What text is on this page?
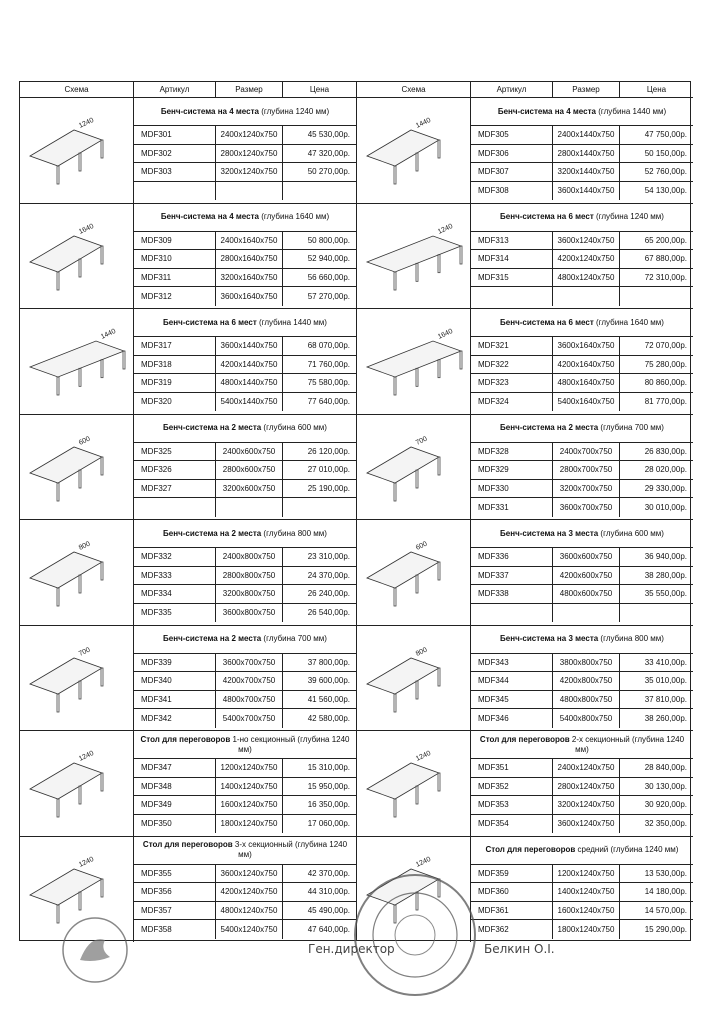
Схема	Артикул	Размер	Цена
1240
Бенч-система на 4 места (глубина 1240 мм)
MDF301	2400x1240x750	45 530,00р.
MDF302	2800x1240x750	47 320,00р.
MDF303	3200x1240x750	50 270,00р.
1640
Бенч-система на 4 места (глубина 1640 мм)
MDF309	2400x1640x750	50 800,00р.
MDF310	2800x1640x750	52 940,00р.
MDF311	3200x1640x750	56 660,00р.
MDF312	3600x1640x750	57 270,00р.
1440
Бенч-система на 6 мест (глубина 1440 мм)
MDF317	3600x1440x750	68 070,00р.
MDF318	4200x1440x750	71 760,00р.
MDF319	4800x1440x750	75 580,00р.
MDF320	5400x1440x750	77 640,00р.
600
Бенч-система на 2 места (глубина 600 мм)
MDF325	2400x600x750	26 120,00р.
MDF326	2800x600x750	27 010,00р.
MDF327	3200x600x750	25 190,00р.
800
Бенч-система на 2 места (глубина 800 мм)
MDF332	2400x800x750	23 310,00р.
MDF333	2800x800x750	24 370,00р.
MDF334	3200x800x750	26 240,00р.
MDF335	3600x800x750	26 540,00р.
700
Бенч-система на 2 места (глубина 700 мм)
MDF339	3600x700x750	37 800,00р.
MDF340	4200x700x750	39 600,00р.
MDF341	4800x700x750	41 560,00р.
MDF342	5400x700x750	42 580,00р.
1240
Стол для переговоров 1-но секционный (глубина 1240 мм)
MDF347	1200x1240x750	15 310,00р.
MDF348	1400x1240x750	15 950,00р.
MDF349	1600x1240x750	16 350,00р.
MDF350	1800x1240x750	17 060,00р.
1240
Стол для переговоров 3-х секционный (глубина 1240 мм)
MDF355	3600x1240x750	42 370,00р.
MDF356	4200x1240x750	44 310,00р.
MDF357	4800x1240x750	45 490,00р.
MDF358	5400x1240x750	47 640,00р.
Схема	Артикул	Размер	Цена
1440
Бенч-система на 4 места (глубина 1440 мм)
MDF305	2400x1440x750	47 750,00р.
MDF306	2800x1440x750	50 150,00р.
MDF307	3200x1440x750	52 760,00р.
MDF308	3600x1440x750	54 130,00р.
1240
Бенч-система на 6 мест (глубина 1240 мм)
MDF313	3600x1240x750	65 200,00р.
MDF314	4200x1240x750	67 880,00р.
MDF315	4800x1240x750	72 310,00р.
1640
Бенч-система на 6 мест (глубина 1640 мм)
MDF321	3600x1640x750	72 070,00р.
MDF322	4200x1640x750	75 280,00р.
MDF323	4800x1640x750	80 860,00р.
MDF324	5400x1640x750	81 770,00р.
700
Бенч-система на 2 места (глубина 700 мм)
MDF328	2400x700x750	26 830,00р.
MDF329	2800x700x750	28 020,00р.
MDF330	3200x700x750	29 330,00р.
MDF331	3600x700x750	30 010,00р.
600
Бенч-система на 3 места (глубина 600 мм)
MDF336	3600x600x750	36 940,00р.
MDF337	4200x600x750	38 280,00р.
MDF338	4800x600x750	35 550,00р.
800
Бенч-система на 3 места (глубина 800 мм)
MDF343	3800x800x750	33 410,00р.
MDF344	4200x800x750	35 010,00р.
MDF345	4800x800x750	37 810,00р.
MDF346	5400x800x750	38 260,00р.
1240
Стол для переговоров 2-х секционный (глубина 1240 мм)
MDF351	2400x1240x750	28 840,00р.
MDF352	2800x1240x750	30 130,00р.
MDF353	3200x1240x750	30 920,00р.
MDF354	3600x1240x750	32 350,00р.
1240
Стол для переговоров средний (глубина 1240 мм)
MDF359	1200x1240x750	13 530,00р.
MDF360	1400x1240x750	14 180,00р.
MDF361	1600x1240x750	14 570,00р.
MDF362	1800x1240x750	15 290,00р.
Ген.директор	Белкин О.І.
